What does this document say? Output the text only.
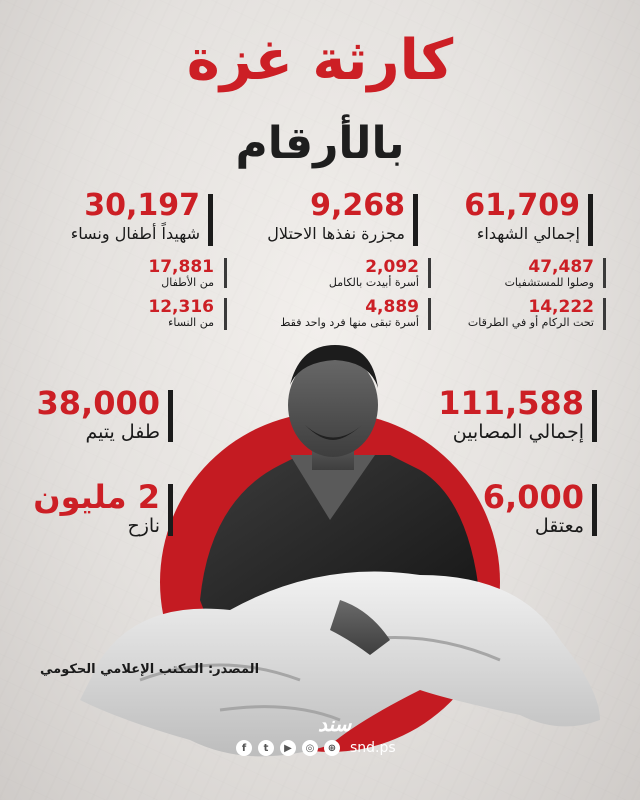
كارثة غزة
بالأرقام
61,709
إجمالي الشهداء
47,487
وصلوا للمستشفيات
14,222
تحت الركام أو في الطرقات
9,268
مجزرة نفذها الاحتلال
2,092
أسرة أبيدت بالكامل
4,889
أسرة تبقى منها فرد واحد فقط
30,197
شهيداً أطفال ونساء
17,881
من الأطفال
12,316
من النساء
111,588
إجمالي المصابين
6,000
معتقل
38,000
طفل يتيم
2 مليون
نازح
المصدر: المكتب الإعلامي الحكومي
سند
f	t	▶	◎	⊕ snd.ps
